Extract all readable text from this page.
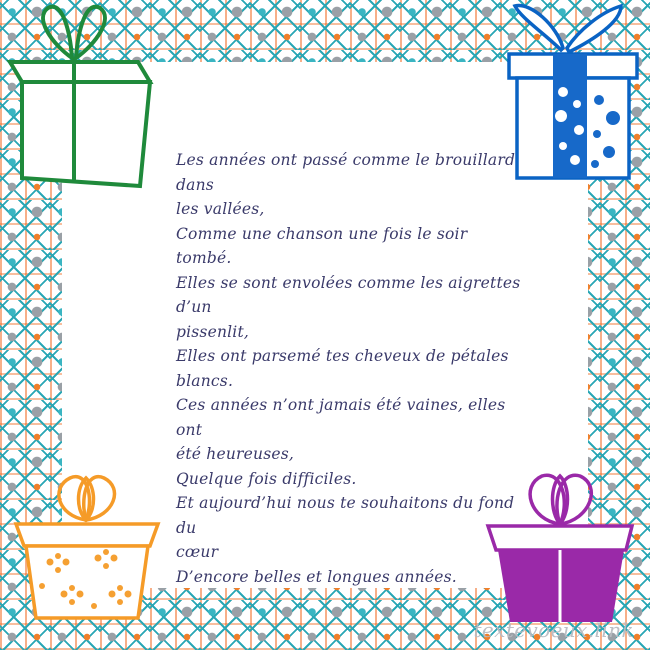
Les années ont passé comme le brouillard dans
les vallées,
Comme une chanson une fois le soir tombé.
Elles se sont envolées comme les aigrettes d’un
pissenlit,
Elles ont parsemé tes cheveux de pétales
blancs.
Ces années n’ont jamais été vaines, elles ont
été heureuses,
Quelque fois difficiles.
Et aujourd’hui nous te souhaitons du fond du
cœur
D’encore belles et longues années.
textevoeux.link
